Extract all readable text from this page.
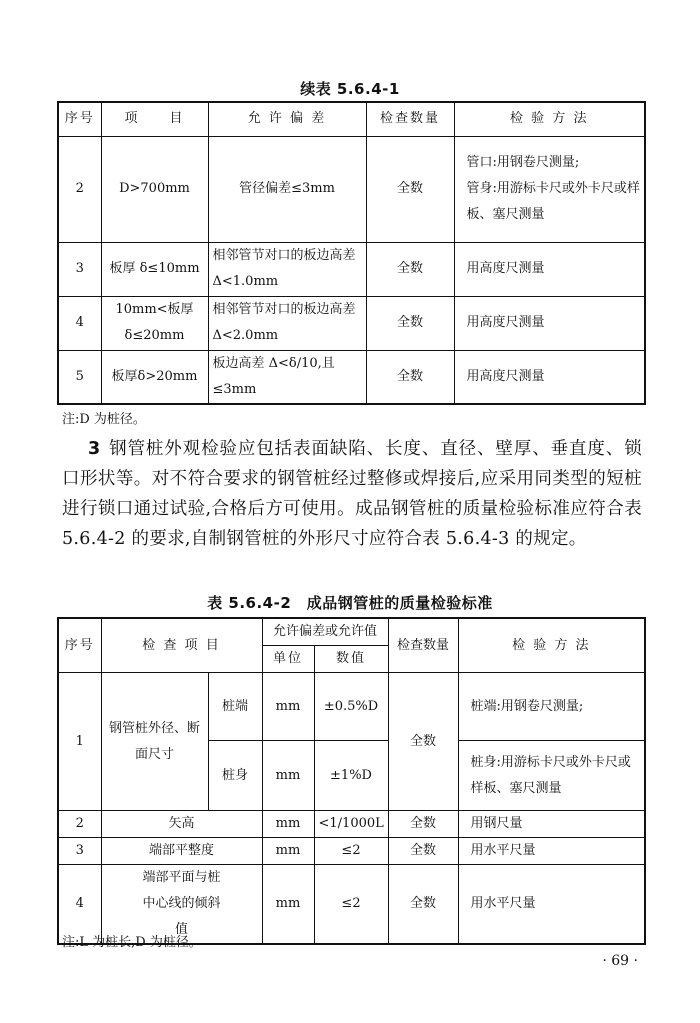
续表 5.6.4-1
序号	项　　目	允 许 偏 差	检查数量	检 验 方 法
2	D>700mm	管径偏差≤3mm	全数	管口:用钢卷尺测量;
管身:用游标卡尺或外卡尺或样板、塞尺测量

3	板厚 δ≤10mm	相邻管节对口的板边高差 Δ<1.0mm	全数	用高度尺测量
4	10mm<板厚δ≤20mm	相邻管节对口的板边高差 Δ<2.0mm	全数	用高度尺测量
5	板厚δ>20mm	板边高差 Δ<δ/10,且≤3mm	全数	用高度尺测量
注:D 为桩径。
3 钢管桩外观检验应包括表面缺陷、长度、直径、壁厚、垂直度、锁口形状等。对不符合要求的钢管桩经过整修或焊接后,应采用同类型的短桩进行锁口通过试验,合格后方可使用。成品钢管桩的质量检验标准应符合表 5.6.4-2 的要求,自制钢管桩的外形尺寸应符合表 5.6.4-3 的规定。
表 5.6.4-2　成品钢管桩的质量检验标准
序号	检 查 项 目		允许偏差或允许值		检查数量	检 验 方 法
			单位	数值		
1	钢管桩外径、断面尺寸	桩端	mm	±0.5%D	全数	桩端:用钢卷尺测量;
		桩身	mm	±1%D		桩身:用游标卡尺或外卡尺或样板、塞尺测量
2	矢高		mm	<1/1000L	全数	用钢尺量
3	端部平整度		mm	≤2	全数	用水平尺量
4	端部平面与桩中心线的倾斜值		mm	≤2	全数	用水平尺量
注:L 为桩长,D 为桩径。
· 69 ·
